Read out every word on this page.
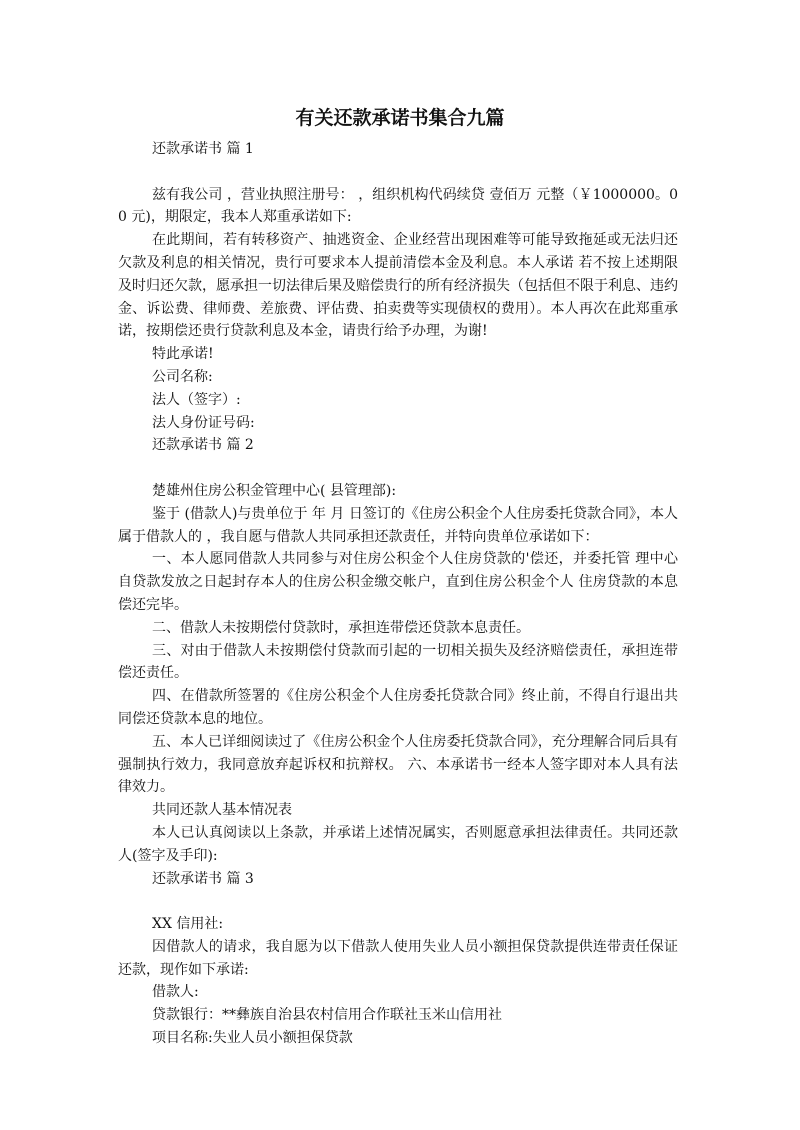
有关还款承诺书集合九篇

还款承诺书 篇 1

兹有我公司 ，营业执照注册号： ，组织机构代码续贷 壹佰万 元整（￥1000000。00 元)，期限定，我本人郑重承诺如下:

在此期间，若有转移资产、抽逃资金、企业经营出现困难等可能导致拖延或无法归还欠款及利息的相关情况，贵行可要求本人提前清偿本金及利息。本人承诺 若不按上述期限及时归还欠款，愿承担一切法律后果及赔偿贵行的所有经济损失（包括但不限于利息、违约金、诉讼费、律师费、差旅费、评估费、拍卖费等实现债权的费用）。本人再次在此郑重承诺，按期偿还贵行贷款利息及本金，请贵行给予办理，为谢!

特此承诺!

公司名称:

法人（签字）:

法人身份证号码:

还款承诺书 篇 2

楚雄州住房公积金管理中心( 县管理部):

鉴于 (借款人)与贵单位于 年 月 日签订的《住房公积金个人住房委托贷款合同》，本人属于借款人的 ，我自愿与借款人共同承担还款责任，并特向贵单位承诺如下：

一、本人愿同借款人共同参与对住房公积金个人住房贷款的'偿还，并委托管 理中心自贷款发放之日起封存本人的住房公积金缴交帐户，直到住房公积金个人 住房贷款的本息偿还完毕。

二、借款人未按期偿付贷款时，承担连带偿还贷款本息责任。

三、对由于借款人未按期偿付贷款而引起的一切相关损失及经济赔偿责任，承担连带偿还责任。

四、在借款所签署的《住房公积金个人住房委托贷款合同》终止前，不得自行退出共同偿还贷款本息的地位。

五、本人已详细阅读过了《住房公积金个人住房委托贷款合同》，充分理解合同后具有强制执行效力，我同意放弃起诉权和抗辩权。 六、本承诺书一经本人签字即对本人具有法律效力。

共同还款人基本情况表

本人已认真阅读以上条款，并承诺上述情况属实，否则愿意承担法律责任。共同还款人(签字及手印):

还款承诺书 篇 3

XX 信用社:

因借款人的请求，我自愿为以下借款人使用失业人员小额担保贷款提供连带责任保证还款，现作如下承诺:

借款人:

贷款银行：**彝族自治县农村信用合作联社玉米山信用社

项目名称:失业人员小额担保贷款
